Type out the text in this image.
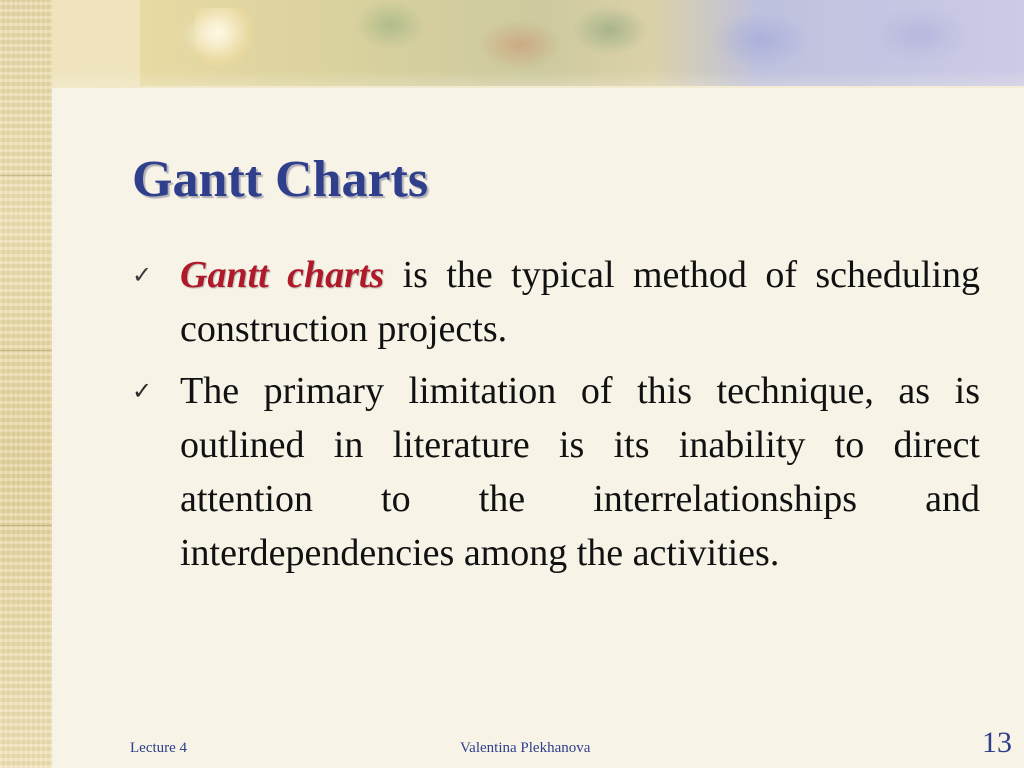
Gantt Charts
✓ Gantt charts is the typical method of scheduling construction projects.
✓ The primary limitation of this technique, as is outlined in literature is its inability to direct attention to the interrelationships and interdependencies among the activities.
Lecture 4	Valentina Plekhanova	13
